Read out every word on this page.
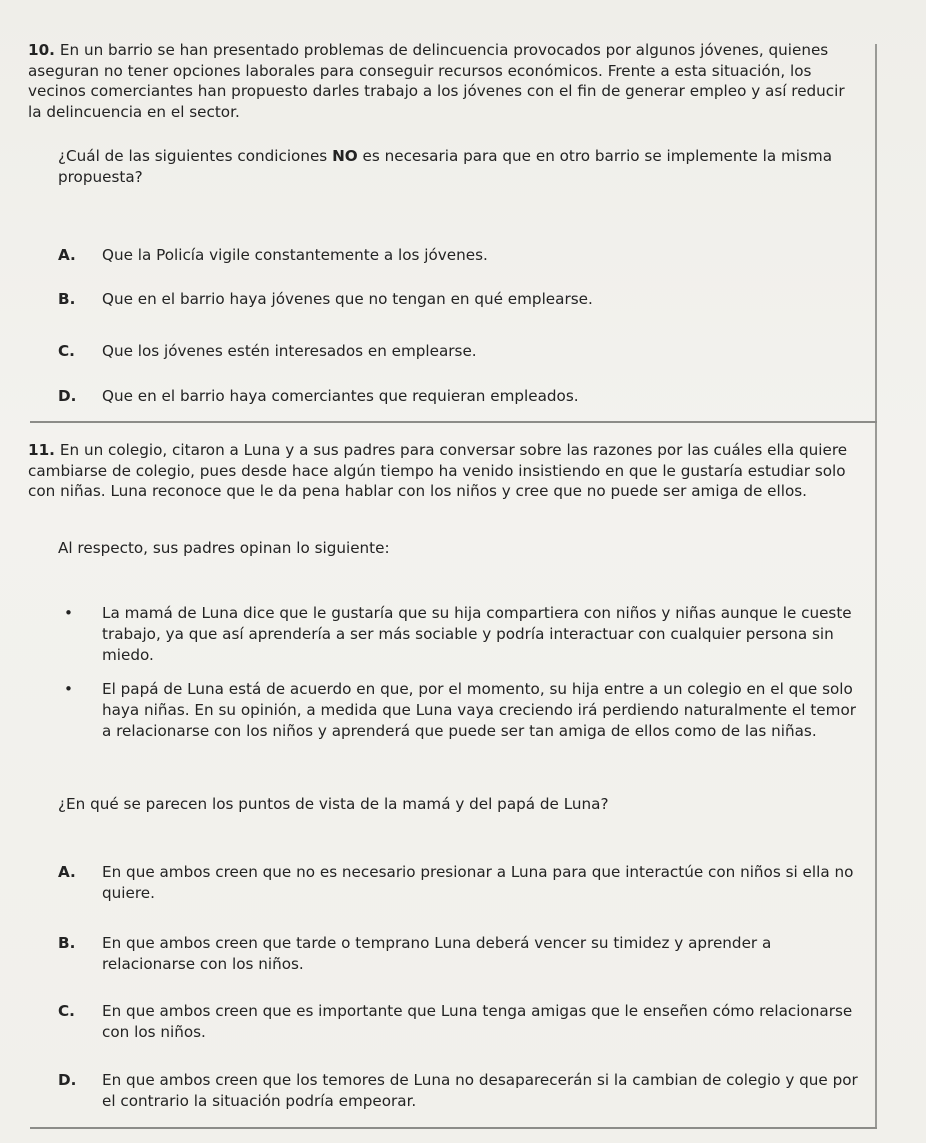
10. En un barrio se han presentado problemas de delincuencia provocados por algunos jóvenes, quienes aseguran no tener opciones laborales para conseguir recursos económicos. Frente a esta situación, los vecinos comerciantes han propuesto darles trabajo a los jóvenes con el fin de generar empleo y así reducir la delincuencia en el sector.
¿Cuál de las siguientes condiciones NO es necesaria para que en otro barrio se implemente la misma propuesta?
A.	Que la Policía vigile constantemente a los jóvenes.
B.	Que en el barrio haya jóvenes que no tengan en qué emplearse.
C.	Que los jóvenes estén interesados en emplearse.
D.	Que en el barrio haya comerciantes que requieran empleados.
11. En un colegio, citaron a Luna y a sus padres para conversar sobre las razones por las cuáles ella quiere cambiarse de colegio, pues desde hace algún tiempo ha venido insistiendo en que le gustaría estudiar solo con niñas. Luna reconoce que le da pena hablar con los niños y cree que no puede ser amiga de ellos.
Al respecto, sus padres opinan lo siguiente:
•	La mamá de Luna dice que le gustaría que su hija compartiera con niños y niñas aunque le cueste trabajo, ya que así aprendería a ser más sociable y podría interactuar con cualquier persona sin miedo.
•	El papá de Luna está de acuerdo en que, por el momento, su hija entre a un colegio en el que solo haya niñas. En su opinión, a medida que Luna vaya creciendo irá perdiendo naturalmente el temor a relacionarse con los niños y aprenderá que puede ser tan amiga de ellos como de las niñas.
¿En qué se parecen los puntos de vista de la mamá y del papá de Luna?
A.	En que ambos creen que no es necesario presionar a Luna para que interactúe con niños si ella no quiere.
B.	En que ambos creen que tarde o temprano Luna deberá vencer su timidez y aprender a relacionarse con los niños.
C.	En que ambos creen que es importante que Luna tenga amigas que le enseñen cómo relacionarse con los niños.
D.	En que ambos creen que los temores de Luna no desaparecerán si la cambian de colegio y que por el contrario la situación podría empeorar.
